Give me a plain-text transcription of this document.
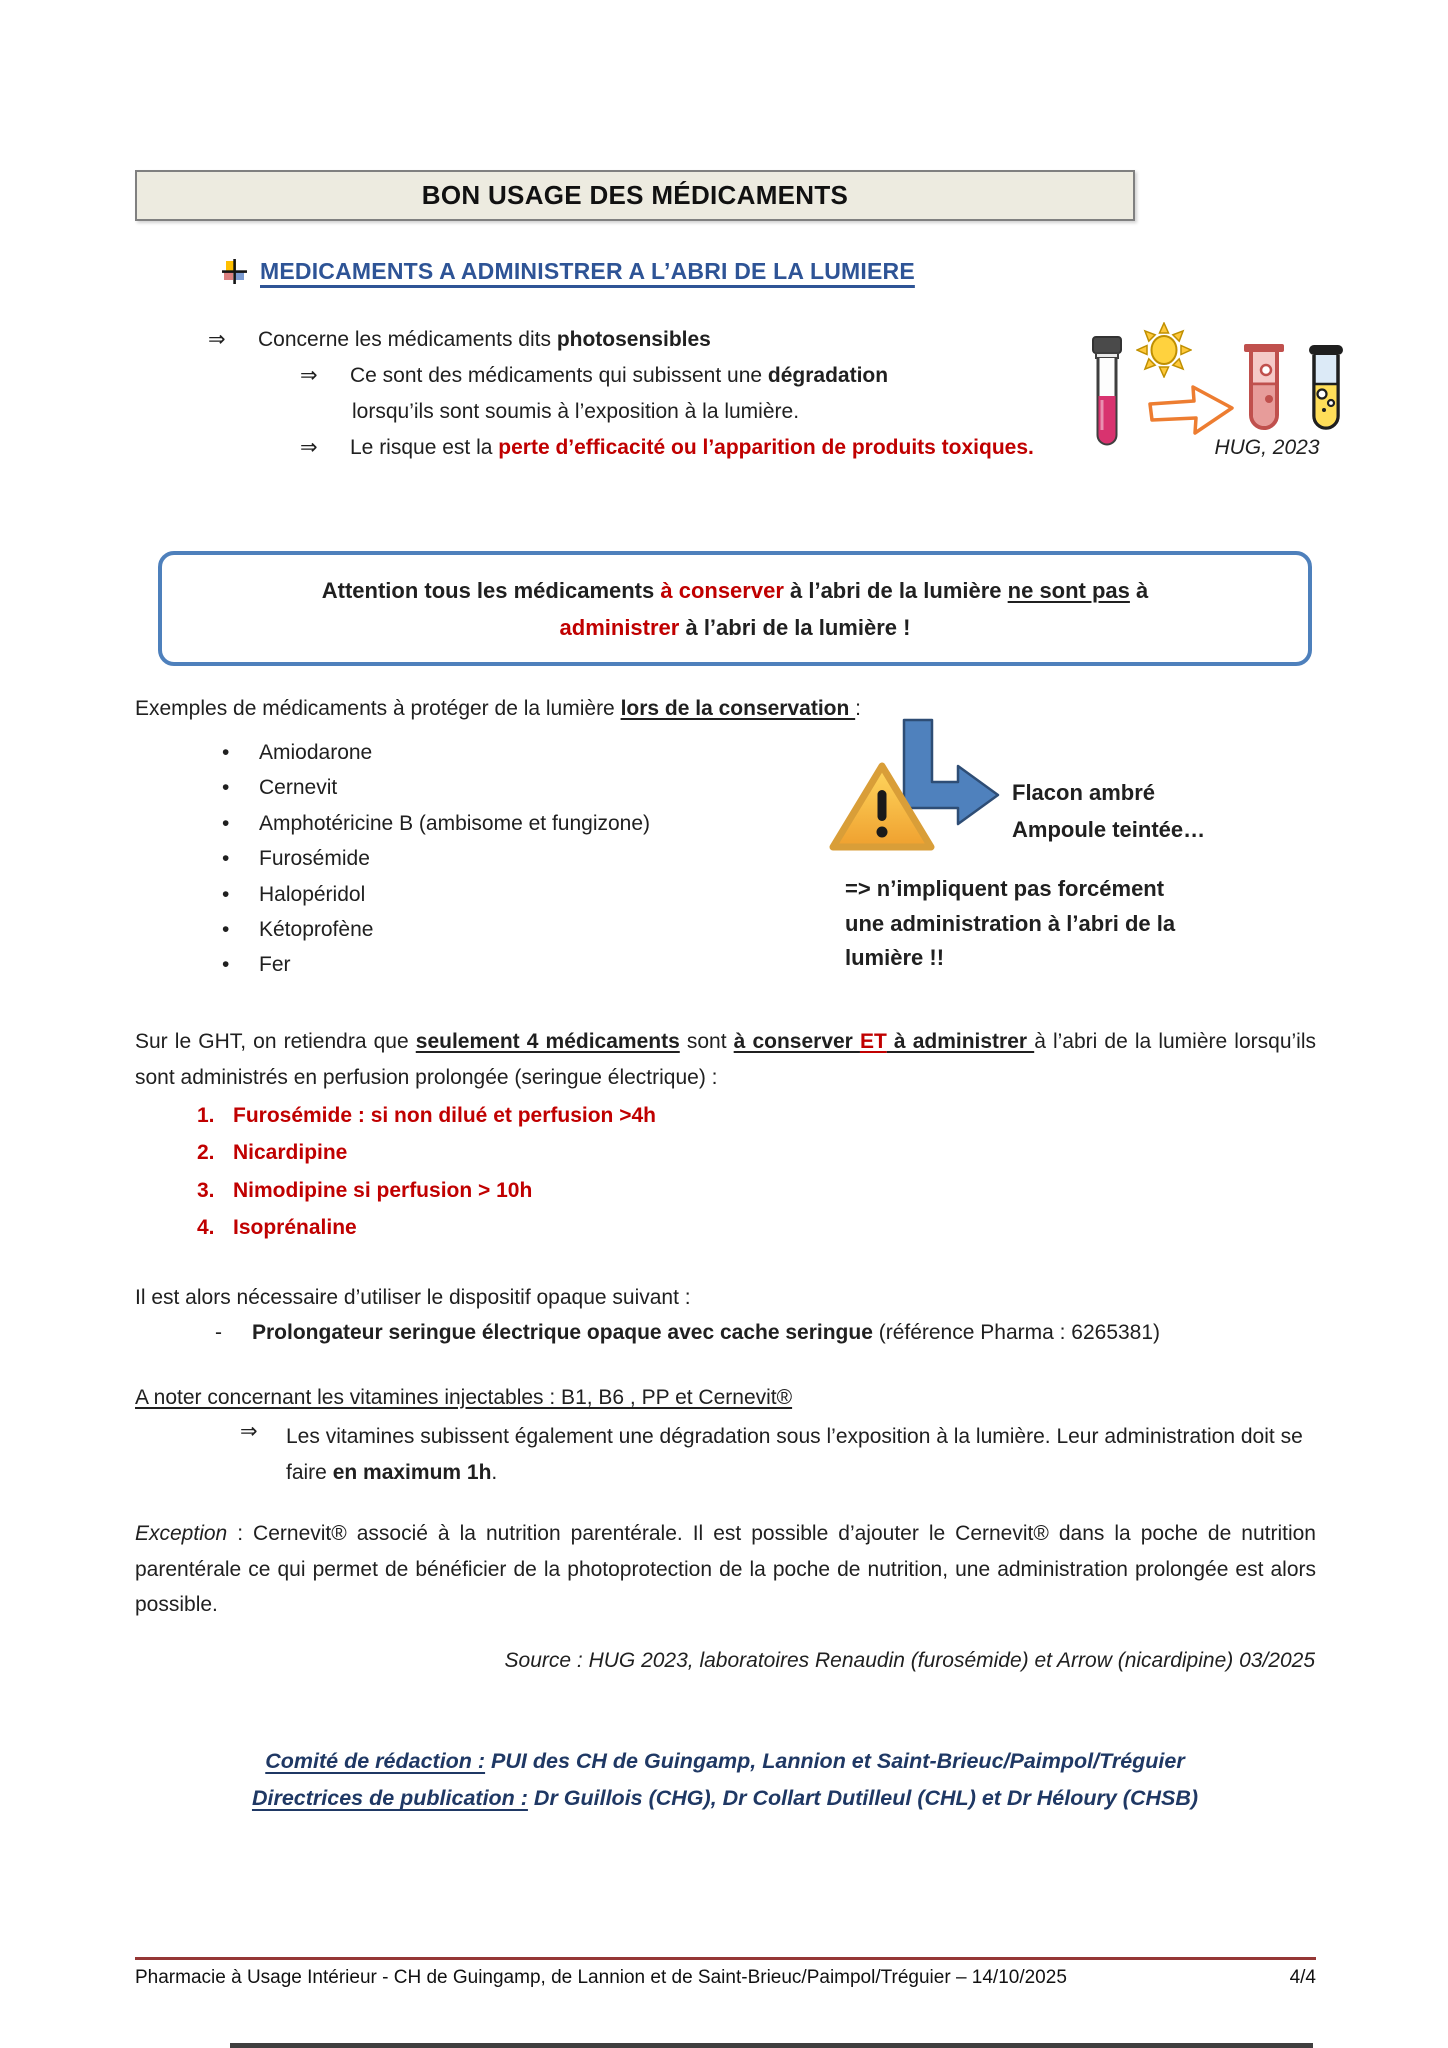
BON USAGE DES MÉDICAMENTS
MEDICAMENTS A ADMINISTRER A L’ABRI DE LA LUMIERE
⇒ Concerne les médicaments dits photosensibles
⇒ Ce sont des médicaments qui subissent une dégradation
lorsqu’ils sont soumis à l’exposition à la lumière.
⇒ Le risque est la perte d’efficacité ou l’apparition de produits toxiques.	HUG, 2023
Attention tous les médicaments à conserver à l’abri de la lumière ne sont pas à
administrer à l’abri de la lumière !
Exemples de médicaments à protéger de la lumière lors de la conservation :
•	Amiodarone
•	Cernevit
•	Amphotéricine B (ambisome et fungizone)
•	Furosémide
•	Halopéridol
•	Kétoprofène
•	Fer
Flacon ambré
Ampoule teintée…
=> n’impliquent pas forcément
une administration à l’abri de la
lumière !!
Sur le GHT, on retiendra que seulement 4 médicaments sont à conserver ET à administrer à l’abri de la lumière lorsqu’ils sont administrés en perfusion prolongée (seringue électrique) :
1. Furosémide : si non dilué et perfusion >4h
2. Nicardipine
3. Nimodipine si perfusion > 10h
4. Isoprénaline
Il est alors nécessaire d’utiliser le dispositif opaque suivant :
- Prolongateur seringue électrique opaque avec cache seringue (référence Pharma : 6265381)
A noter concernant les vitamines injectables : B1, B6 , PP et Cernevit®
⇒ Les vitamines subissent également une dégradation sous l’exposition à la lumière. Leur administration doit se faire en maximum 1h.
Exception : Cernevit® associé à la nutrition parentérale. Il est possible d’ajouter le Cernevit® dans la poche de nutrition parentérale ce qui permet de bénéficier de la photoprotection de la poche de nutrition, une administration prolongée est alors possible.
Source : HUG 2023, laboratoires Renaudin (furosémide) et Arrow (nicardipine) 03/2025
Comité de rédaction : PUI des CH de Guingamp, Lannion et Saint-Brieuc/Paimpol/Tréguier
Directrices de publication : Dr Guillois (CHG), Dr Collart Dutilleul (CHL) et Dr Héloury (CHSB)
Pharmacie à Usage Intérieur - CH de Guingamp, de Lannion et de Saint-Brieuc/Paimpol/Tréguier – 14/10/2025	4/4
